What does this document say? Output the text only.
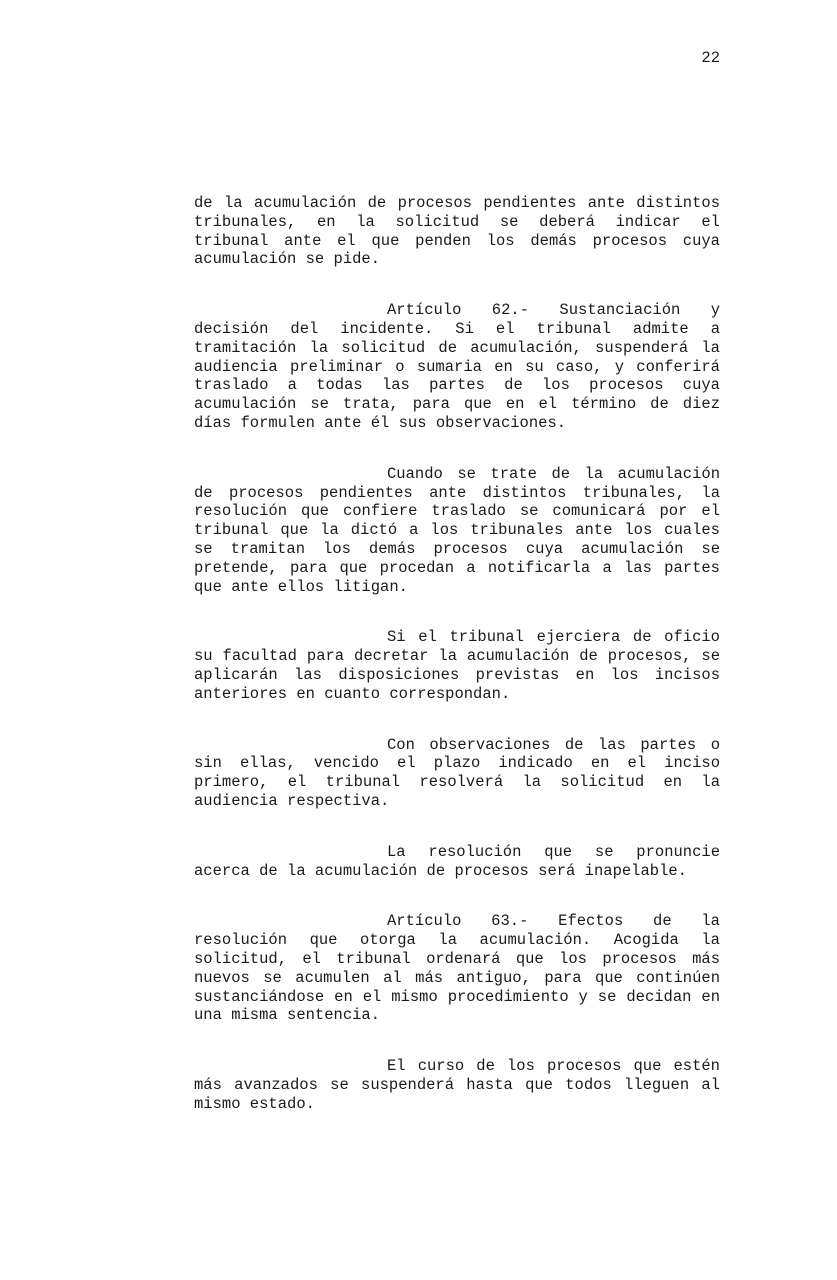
22

de la acumulación de procesos pendientes ante distintos tribunales, en la solicitud se deberá indicar el tribunal ante el que penden los demás procesos cuya acumulación se pide.

Artículo 62.- Sustanciación y decisión del incidente. Si el tribunal admite a tramitación la solicitud de acumulación, suspenderá la audiencia preliminar o sumaria en su caso, y conferirá traslado a todas las partes de los procesos cuya acumulación se trata, para que en el término de diez días formulen ante él sus observaciones.

Cuando se trate de la acumulación de procesos pendientes ante distintos tribunales, la resolución que confiere traslado se comunicará por el tribunal que la dictó a los tribunales ante los cuales se tramitan los demás procesos cuya acumulación se pretende, para que procedan a notificarla a las partes que ante ellos litigan.

Si el tribunal ejerciera de oficio su facultad para decretar la acumulación de procesos, se aplicarán las disposiciones previstas en los incisos anteriores en cuanto correspondan.

Con observaciones de las partes o sin ellas, vencido el plazo indicado en el inciso primero, el tribunal resolverá la solicitud en la audiencia respectiva.

La resolución que se pronuncie acerca de la acumulación de procesos será inapelable.

Artículo 63.- Efectos de la resolución que otorga la acumulación. Acogida la solicitud, el tribunal ordenará que los procesos más nuevos se acumulen al más antiguo, para que continúen sustanciándose en el mismo procedimiento y se decidan en una misma sentencia.

El curso de los procesos que estén más avanzados se suspenderá hasta que todos lleguen al mismo estado.
